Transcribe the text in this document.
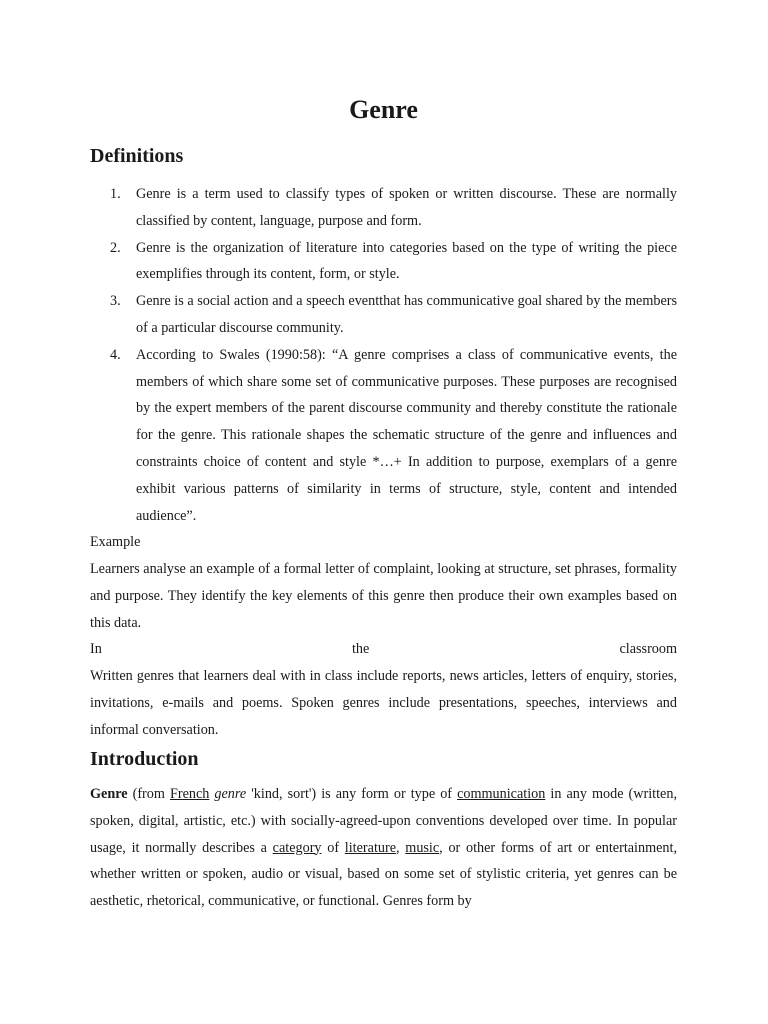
Genre
Definitions
1. Genre is a term used to classify types of spoken or written discourse. These are normally classified by content, language, purpose and form.
2. Genre is the organization of literature into categories based on the type of writing the piece exemplifies through its content, form, or style.
3. Genre is a social action and a speech eventthat has communicative goal shared by the members of a particular discourse community.
4. According to Swales (1990:58): “A genre comprises a class of communicative events, the members of which share some set of communicative purposes. These purposes are recognised by the expert members of the parent discourse community and thereby constitute the rationale for the genre. This rationale shapes the schematic structure of the genre and influences and constraints choice of content and style *…+ In addition to purpose, exemplars of a genre exhibit various patterns of similarity in terms of structure, style, content and intended audience”.

Example

Learners analyse an example of a formal letter of complaint, looking at structure, set phrases, formality and purpose. They identify the key elements of this genre then produce their own examples based on this data.

In	the	classroom

Written genres that learners deal with in class include reports, news articles, letters of enquiry, stories, invitations, e-mails and poems. Spoken genres include presentations, speeches, interviews and informal conversation.

Introduction

Genre (from French genre 'kind, sort') is any form or type of communication in any mode (written, spoken, digital, artistic, etc.) with socially-agreed-upon conventions developed over time. In popular usage, it normally describes a category of literature, music, or other forms of art or entertainment, whether written or spoken, audio or visual, based on some set of stylistic criteria, yet genres can be aesthetic, rhetorical, communicative, or functional. Genres form by
